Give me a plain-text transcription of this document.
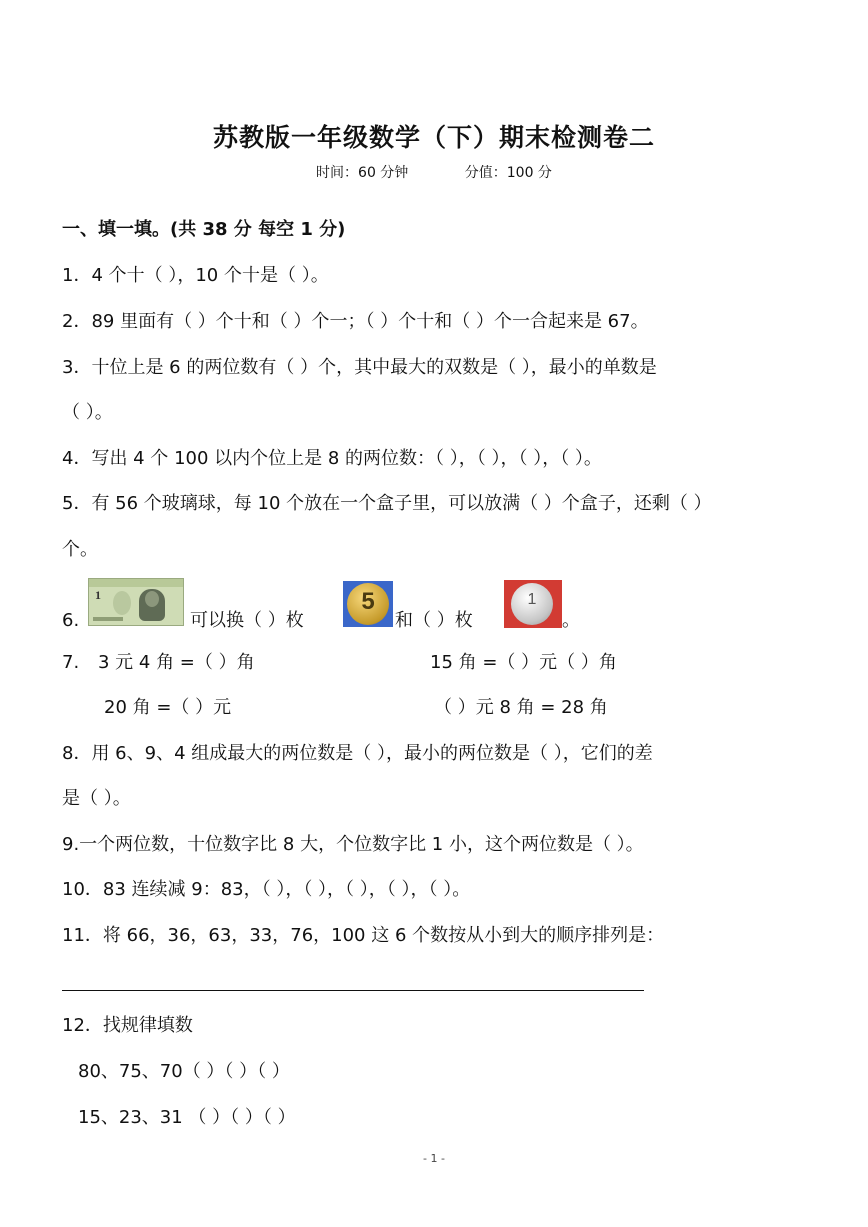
苏教版一年级数学（下）期末检测卷二
时间：60 分钟	分值：100 分
一、填一填。(共 38 分 每空 1 分)
1．4 个十（ ），10 个十是（ ）。
2．89 里面有（ ）个十和（ ）个一；（ ）个十和（ ）个一合起来是 67。
3．十位上是 6 的两位数有（ ）个，其中最大的双数是（ ），最小的单数是
（ ）。
4．写出 4 个 100 以内个位上是 8 的两位数：（ ），（ ），（ ），（ ）。
5．有 56 个玻璃球，每 10 个放在一个盒子里，可以放满（ ）个盒子，还剩（ ）
个。
6.
1
可以换（ ）枚
5
和（ ）枚
1
。
7. 3 元 4 角 =（ ）角	15 角 =（ ）元（ ）角
20 角 =（ ）元	（ ）元 8 角 = 28 角
8．用 6、9、4 组成最大的两位数是（ ），最小的两位数是（ ），它们的差
是（ ）。
9.一个两位数，十位数字比 8 大，个位数字比 1 小，这个两位数是（ ）。
10．83 连续减 9：83，（ ），（ ），（ ），（ ），（ ）。
11．将 66，36，63，33，76，100 这 6 个数按从小到大的顺序排列是：
12．找规律填数
80、75、70（ ）（ ）（ ）
15、23、31 （ ）（ ）（ ）
- 1 -
